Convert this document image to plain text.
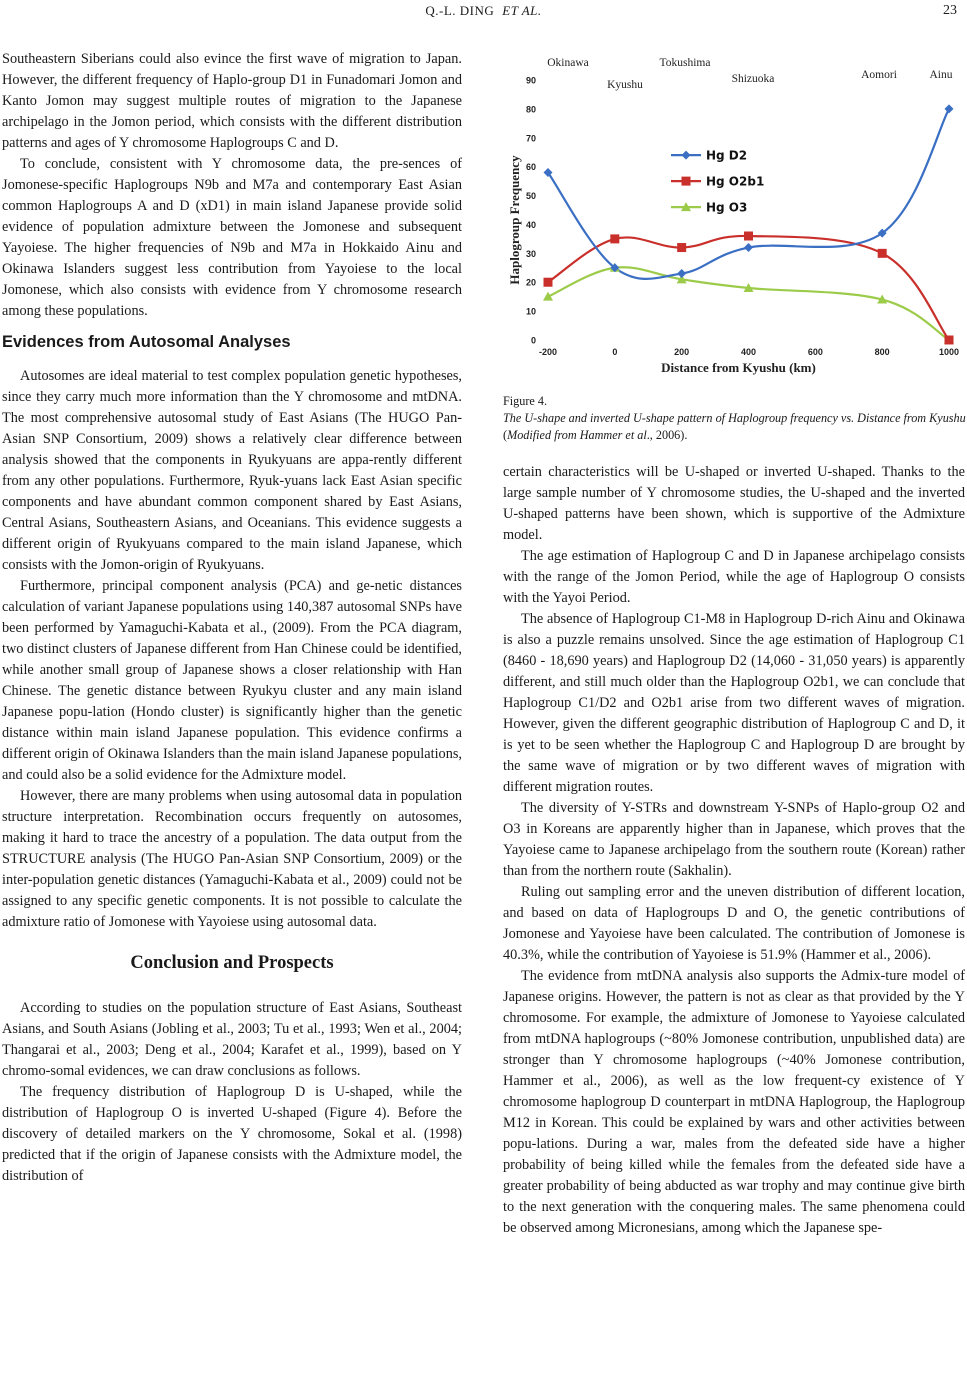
Q.-L. DING ET AL.	23

Southeastern Siberians could also evince the first wave of migration to Japan. However, the different frequency of Haplo-group D1 in Funadomari Jomon and Kanto Jomon may suggest multiple routes of migration to the Japanese archipelago in the Jomon period, which consists with the different distribution patterns and ages of Y chromosome Haplogroups C and D.

To conclude, consistent with Y chromosome data, the pre-sences of Jomonese-specific Haplogroups N9b and M7a and contemporary East Asian common Haplogroups A and D (xD1) in main island Japanese provide solid evidence of population admixture between the Jomonese and subsequent Yayoiese. The higher frequencies of N9b and M7a in Hokkaido Ainu and Okinawa Islanders suggest less contribution from Yayoiese to the local Jomonese, which also consists with evidence from Y chromosome research among these populations.

Evidences from Autosomal Analyses

Autosomes are ideal material to test complex population genetic hypotheses, since they carry much more information than the Y chromosome and mtDNA. The most comprehensive autosomal study of East Asians (The HUGO Pan-Asian SNP Consortium, 2009) shows a relatively clear difference between analysis showed that the components in Ryukyuans are appa-rently different from any other populations. Furthermore, Ryuk-yuans lack East Asian specific components and have abundant common component shared by East Asians, Central Asians, Southeastern Asians, and Oceanians. This evidence suggests a different origin of Ryukyuans compared to the main island Japanese, which consists with the Jomon-origin of Ryukyuans.

Furthermore, principal component analysis (PCA) and ge-netic distances calculation of variant Japanese populations using 140,387 autosomal SNPs have been performed by Yamaguchi-Kabata et al., (2009). From the PCA diagram, two distinct clusters of Japanese different from Han Chinese could be identified, while another small group of Japanese shows a closer relationship with Han Chinese. The genetic distance between Ryukyu cluster and any main island Japanese popu-lation (Hondo cluster) is significantly higher than the genetic distance within main island Japanese population. This evidence confirms a different origin of Okinawa Islanders than the main island Japanese populations, and could also be a solid evidence for the Admixture model.

However, there are many problems when using autosomal data in population structure interpretation. Recombination occurs frequently on autosomes, making it hard to trace the ancestry of a population. The data output from the STRUCTURE analysis (The HUGO Pan-Asian SNP Consortium, 2009) or the inter-population genetic distances (Yamaguchi-Kabata et al., 2009) could not be assigned to any specific genetic components. It is not possible to calculate the admixture ratio of Jomonese with Yayoiese using autosomal data.

Conclusion and Prospects

According to studies on the population structure of East Asians, Southeast Asians, and South Asians (Jobling et al., 2003; Tu et al., 1993; Wen et al., 2004; Thangarai et al., 2003; Deng et al., 2004; Karafet et al., 1999), based on Y chromo-somal evidences, we can draw conclusions as follows.

The frequency distribution of Haplogroup D is U-shaped, while the distribution of Haplogroup O is inverted U-shaped (Figure 4). Before the discovery of detailed markers on the Y chromosome, Sokal et al. (1998) predicted that if the origin of Japanese consists with the Admixture model, the distribution of

0
10
20
30
40
50
60
70
80
90
-200	0	200	400	600	800	1000
Distance from Kyushu (km)
Haplogroup Frequency
Okinawa
Kyushu
Tokushima
Shizuoka	Aomori	Ainu
Hg D2
Hg O2b1
Hg O3
Figure 4.
The U-shape and inverted U-shape pattern of Haplogroup frequency vs. Distance from Kyushu (Modified from Hammer et al., 2006).

certain characteristics will be U-shaped or inverted U-shaped. Thanks to the large sample number of Y chromosome studies, the U-shaped and the inverted U-shaped patterns have been shown, which is supportive of the Admixture model.

The age estimation of Haplogroup C and D in Japanese archipelago consists with the range of the Jomon Period, while the age of Haplogroup O consists with the Yayoi Period.

The absence of Haplogroup C1-M8 in Haplogroup D-rich Ainu and Okinawa is also a puzzle remains unsolved. Since the age estimation of Haplogroup C1 (8460 - 18,690 years) and Haplogroup D2 (14,060 - 31,050 years) is apparently different, and still much older than the Haplogroup O2b1, we can conclude that Haplogroup C1/D2 and O2b1 arise from two different waves of migration. However, given the different geographic distribution of Haplogroup C and D, it is yet to be seen whether the Haplogroup C and Haplogroup D are brought by the same wave of migration or by two different waves of migration with different migration routes.

The diversity of Y-STRs and downstream Y-SNPs of Haplo-group O2 and O3 in Koreans are apparently higher than in Japanese, which proves that the Yayoiese came to Japanese archipelago from the southern route (Korean) rather than from the northern route (Sakhalin).

Ruling out sampling error and the uneven distribution of different location, and based on data of Haplogroups D and O, the genetic contributions of Jomonese and Yayoiese have been calculated. The contribution of Jomonese is 40.3%, while the contribution of Yayoiese is 51.9% (Hammer et al., 2006).

The evidence from mtDNA analysis also supports the Admix-ture model of Japanese origins. However, the pattern is not as clear as that provided by the Y chromosome. For example, the admixture of Jomonese to Yayoiese calculated from mtDNA haplogroups (~80% Jomonese contribution, unpublished data) are stronger than Y chromosome haplogroups (~40% Jomonese contribution, Hammer et al., 2006), as well as the low frequent-cy existence of Y chromosome haplogroup D counterpart in mtDNA Haplogroup, the Haplogroup M12 in Korean. This could be explained by wars and other activities between popu-lations. During a war, males from the defeated side have a higher probability of being killed while the females from the defeated side have a greater probability of being abducted as war trophy and may continue give birth to the next generation with the conquering males. The same phenomena could be observed among Micronesians, among which the Japanese spe-
